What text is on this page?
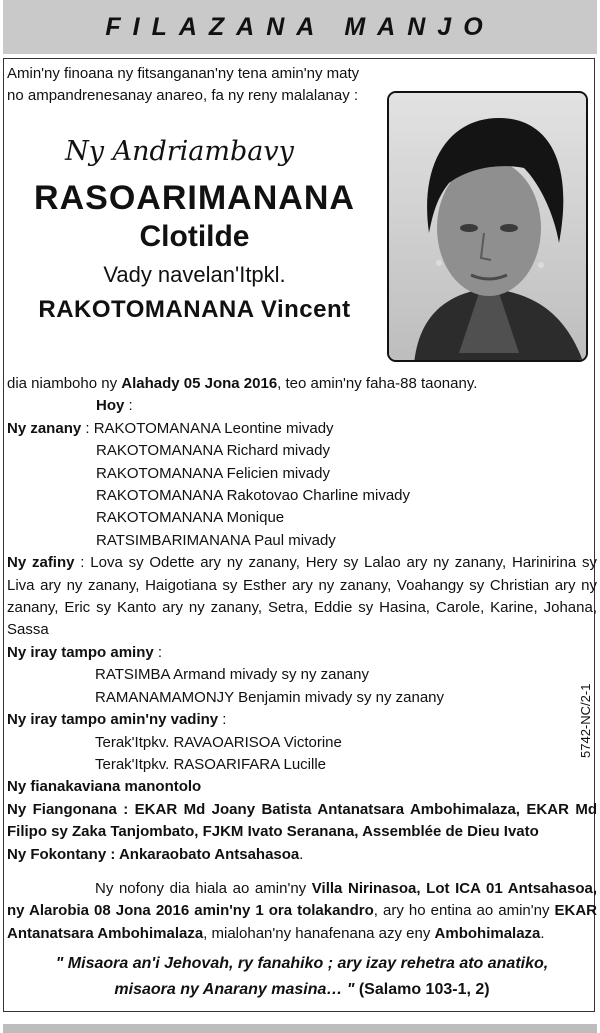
FILAZANA MANJO
Amin'ny finoana ny fitsanganan'ny tena amin'ny maty no ampandrenesanay anareo, fa ny reny malalanay :
Ny Andriambavy
RASOARIMANANA
Clotilde
Vady navelan'Itpkl.
RAKOTOMANANA Vincent
dia niamboho ny Alahady 05 Jona 2016, teo amin'ny faha-88 taonany.
Hoy :
Ny zanany : RAKOTOMANANA Leontine mivady
RAKOTOMANANA Richard mivady
RAKOTOMANANA Felicien mivady
RAKOTOMANANA Rakotovao Charline mivady
RAKOTOMANANA Monique
RATSIMBARIMANANA Paul mivady
Ny zafiny : Lova sy Odette ary ny zanany, Hery sy Lalao ary ny zanany, Harinirina sy Liva ary ny zanany, Haigotiana sy Esther ary ny zanany, Voahangy sy Christian ary ny zanany, Eric sy Kanto ary ny zanany, Setra, Eddie sy Hasina, Carole, Karine, Johana, Sassa
Ny iray tampo aminy :
RATSIMBA Armand mivady sy ny zanany
RAMANAMAMONJY Benjamin mivady sy ny zanany
Ny iray tampo amin'ny vadiny :
Terak'Itpkv. RAVAOARISOA Victorine
Terak'Itpkv. RASOARIFARA Lucille
Ny fianakaviana manontolo
Ny Fiangonana : EKAR Md Joany Batista Antanatsara Ambohimalaza, EKAR Md Filipo sy Zaka Tanjombato, FJKM Ivato Seranana, Assemblée de Dieu Ivato
Ny Fokontany : Ankaraobato Antsahasoa.
Ny nofony dia hiala ao amin'ny Villa Nirinasoa, Lot ICA 01 Antsahasoa, ny Alarobia 08 Jona 2016 amin'ny 1 ora tolakandro, ary ho entina ao amin'ny EKAR Antanatsara Ambohimalaza, mialohan'ny hanafenana azy eny Ambohimalaza.
" Misaora an'i Jehovah, ry fanahiko ; ary izay rehetra ato anatiko,
misaora ny Anarany masina… " (Salamo 103-1, 2)
5742-NC/2-1
